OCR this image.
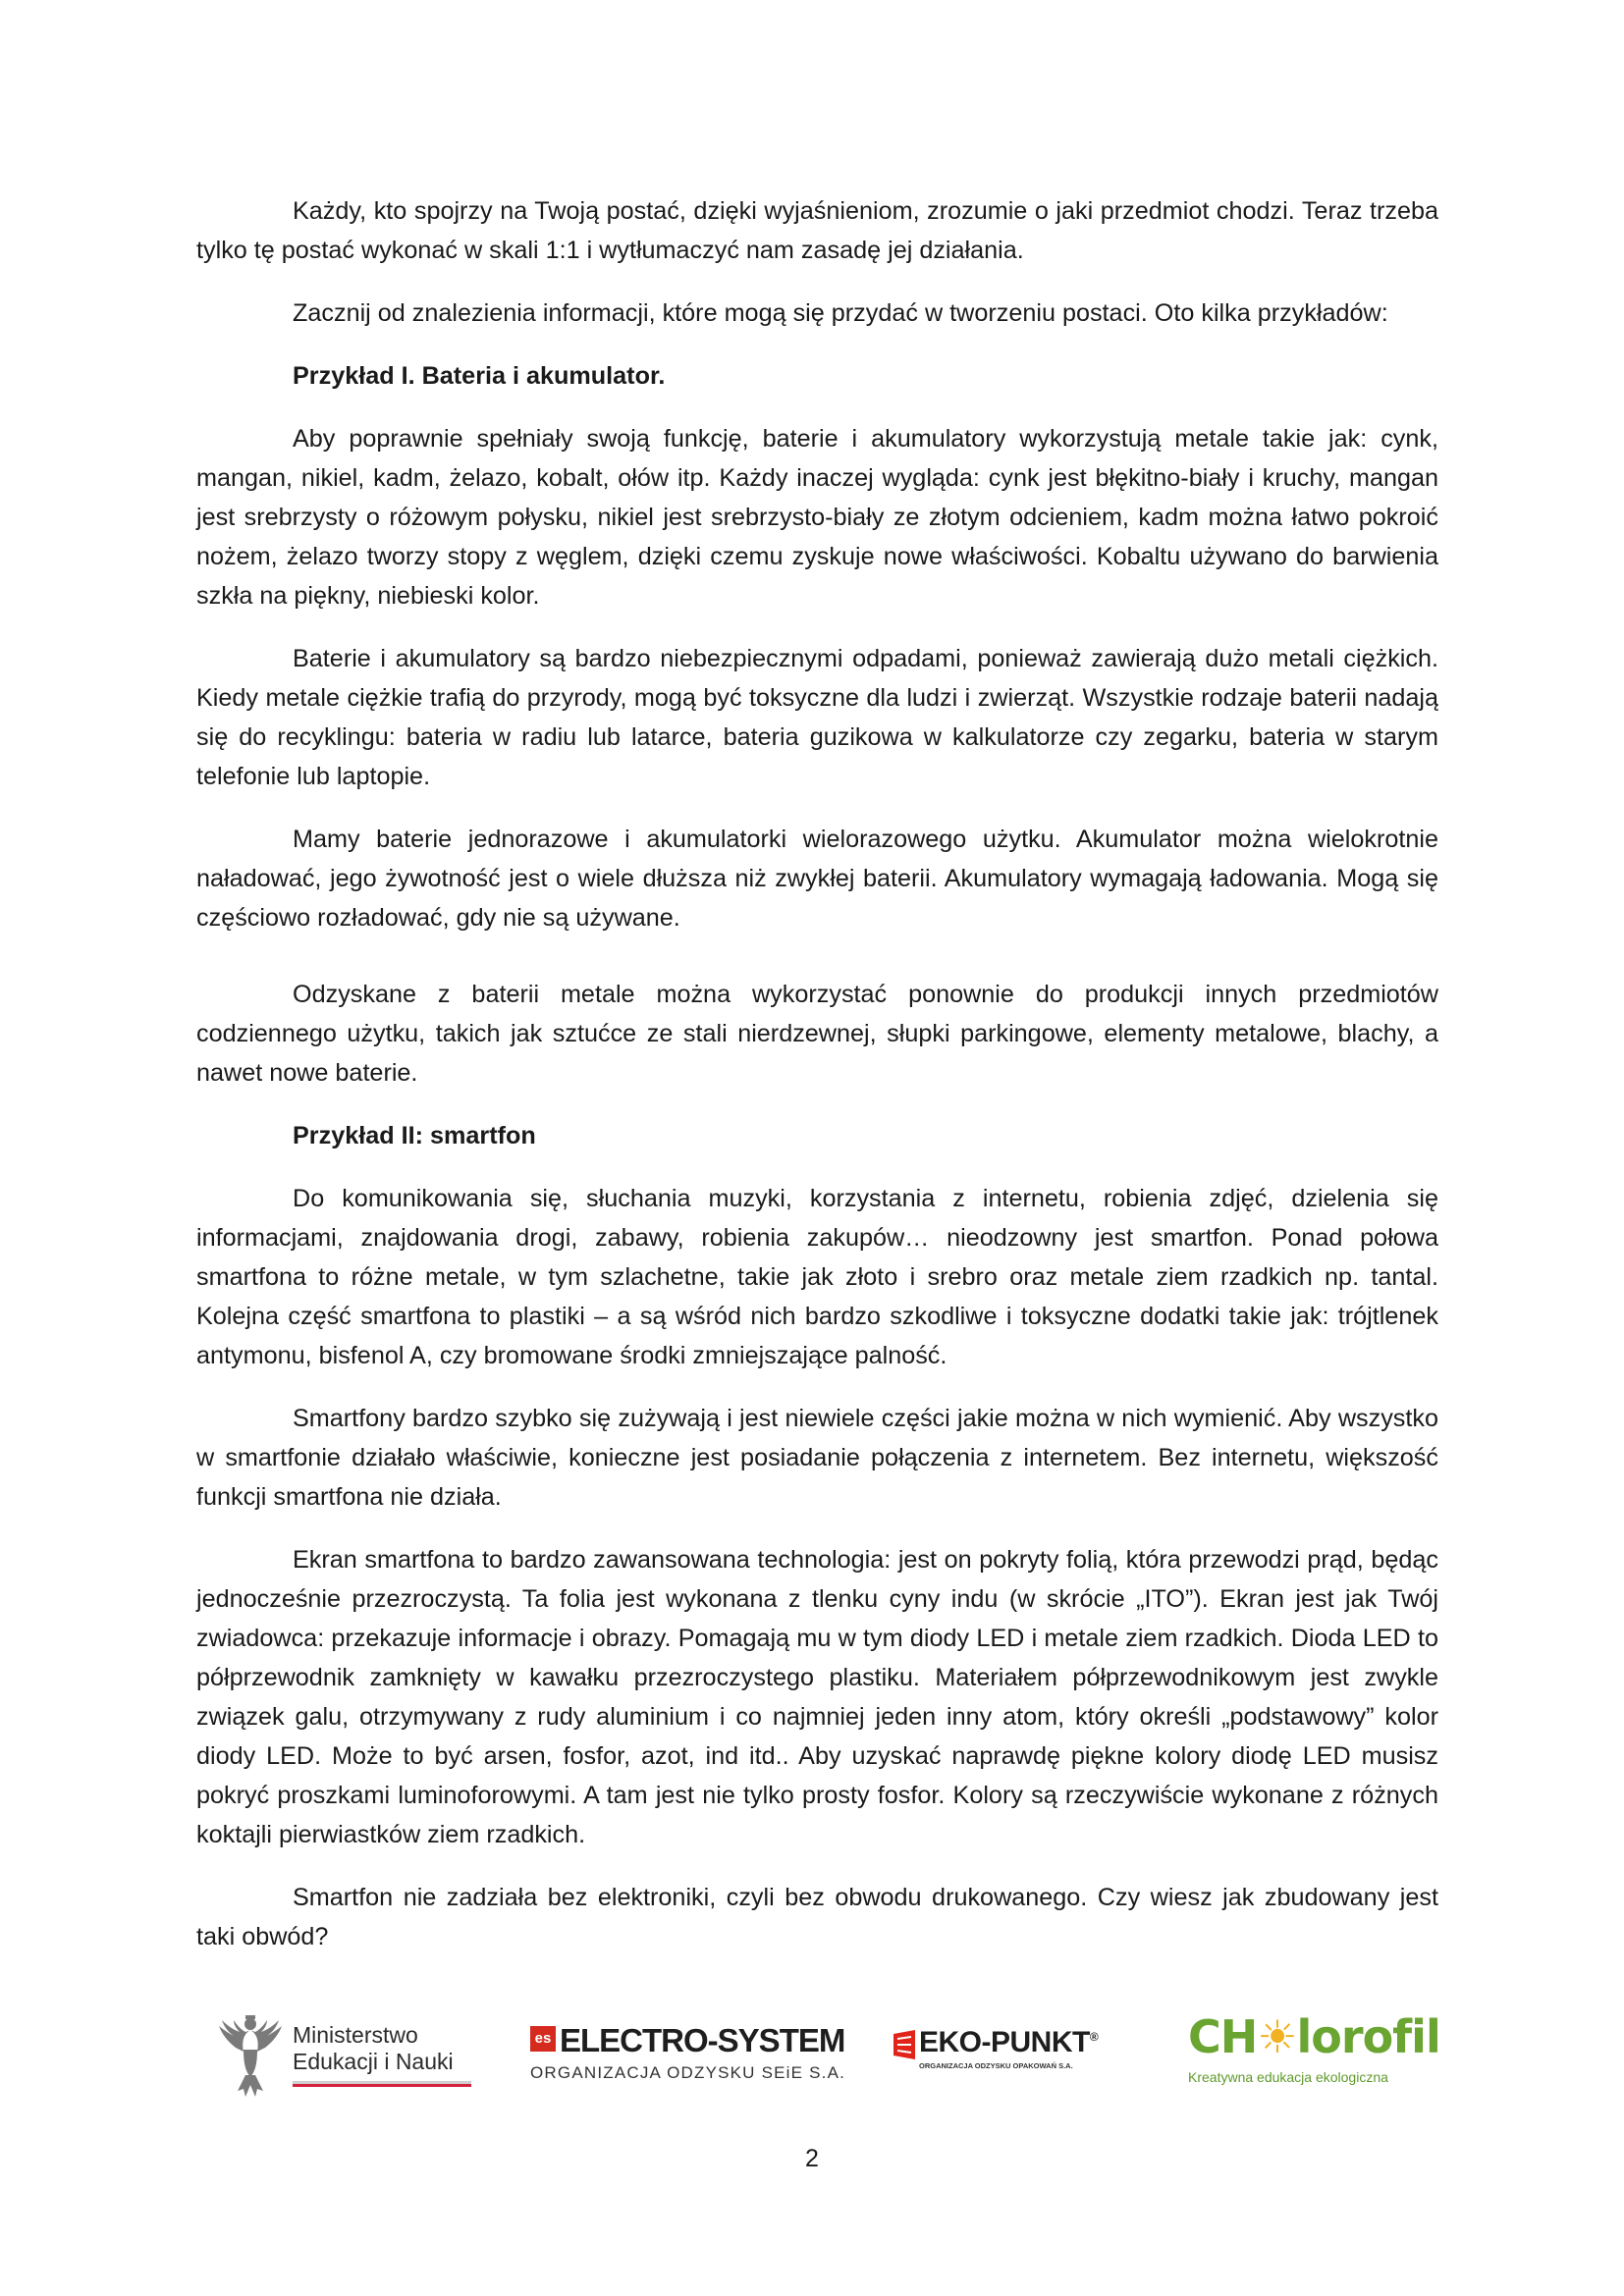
Każdy, kto spojrzy na Twoją postać, dzięki wyjaśnieniom, zrozumie o jaki przedmiot chodzi. Teraz trzeba tylko tę postać wykonać w skali 1:1 i wytłumaczyć nam zasadę jej działania.

Zacznij od znalezienia informacji, które mogą się przydać w tworzeniu postaci. Oto kilka przykładów:

Przykład I. Bateria i akumulator.

Aby poprawnie spełniały swoją funkcję, baterie i akumulatory wykorzystują metale takie jak: cynk, mangan, nikiel, kadm, żelazo, kobalt, ołów itp. Każdy inaczej wygląda: cynk jest błękitno-biały i kruchy, mangan jest srebrzysty o różowym połysku, nikiel jest srebrzysto-biały ze złotym odcieniem, kadm można łatwo pokroić nożem, żelazo tworzy stopy z węglem, dzięki czemu zyskuje nowe właściwości. Kobaltu używano do barwienia szkła na piękny, niebieski kolor.

Baterie i akumulatory są bardzo niebezpiecznymi odpadami, ponieważ zawierają dużo metali ciężkich. Kiedy metale ciężkie trafią do przyrody, mogą być toksyczne dla ludzi i zwierząt. Wszystkie rodzaje baterii nadają się do recyklingu: bateria w radiu lub latarce, bateria guzikowa w kalkulatorze czy zegarku, bateria w starym telefonie lub laptopie.

Mamy baterie jednorazowe i akumulatorki wielorazowego użytku. Akumulator można wielokrotnie naładować, jego żywotność jest o wiele dłuższa niż zwykłej baterii. Akumulatory wymagają ładowania. Mogą się częściowo rozładować, gdy nie są używane.

Odzyskane z baterii metale można wykorzystać ponownie do produkcji innych przedmiotów codziennego użytku, takich jak sztućce ze stali nierdzewnej, słupki parkingowe, elementy metalowe, blachy, a nawet nowe baterie.

Przykład II: smartfon

Do komunikowania się, słuchania muzyki, korzystania z internetu, robienia zdjęć, dzielenia się informacjami, znajdowania drogi, zabawy, robienia zakupów… nieodzowny jest smartfon. Ponad połowa smartfona to różne metale, w tym szlachetne, takie jak złoto i srebro oraz metale ziem rzadkich np. tantal. Kolejna część smartfona to plastiki – a są wśród nich bardzo szkodliwe i toksyczne dodatki takie jak: trójtlenek antymonu, bisfenol A, czy bromowane środki zmniejszające palność.

Smartfony bardzo szybko się zużywają i jest niewiele części jakie można w nich wymienić. Aby wszystko w smartfonie działało właściwie, konieczne jest posiadanie połączenia z internetem. Bez internetu, większość funkcji smartfona nie działa.

Ekran smartfona to bardzo zawansowana technologia: jest on pokryty folią, która przewodzi prąd, będąc jednocześnie przezroczystą. Ta folia jest wykonana z tlenku cyny indu (w skrócie „ITO”). Ekran jest jak Twój zwiadowca: przekazuje informacje i obrazy. Pomagają mu w tym diody LED i metale ziem rzadkich. Dioda LED to półprzewodnik zamknięty w kawałku przezroczystego plastiku. Materiałem półprzewodnikowym jest zwykle związek galu, otrzymywany z rudy aluminium i co najmniej jeden inny atom, który określi „podstawowy” kolor diody LED. Może to być arsen, fosfor, azot, ind itd.. Aby uzyskać naprawdę piękne kolory diodę LED musisz pokryć proszkami luminoforowymi. A tam jest nie tylko prosty fosfor. Kolory są rzeczywiście wykonane z różnych koktajli pierwiastków ziem rzadkich.

Smartfon nie zadziała bez elektroniki, czyli bez obwodu drukowanego. Czy wiesz jak zbudowany jest taki obwód?

Ministerstwo
Edukacji i Nauki
es ELECTRO-SYSTEM
ORGANIZACJA ODZYSKU SEiE S.A.
EKO-PUNKT®
ORGANIZACJA ODZYSKU OPAKOWAŃ S.A.
CH☀lorofil
Kreatywna edukacja ekologiczna
2
